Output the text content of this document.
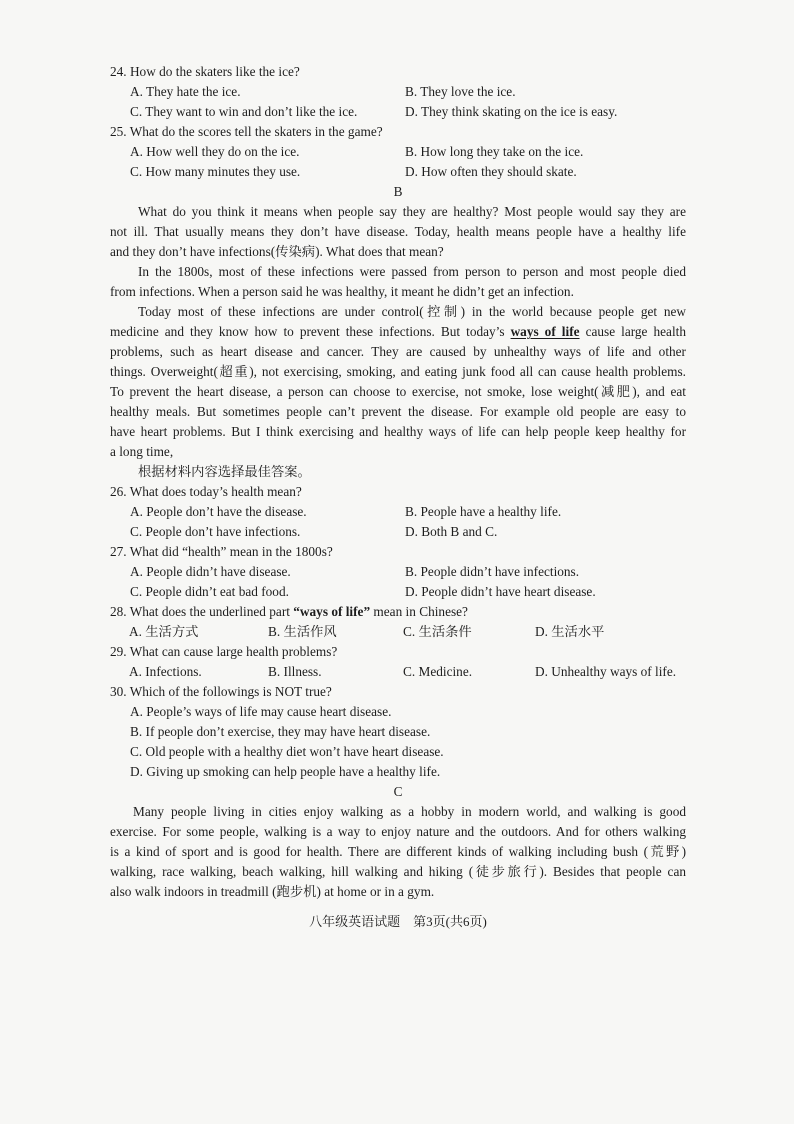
24. How do the skaters like the ice?
A. They hate the ice.	B. They love the ice.
C. They want to win and don’t like the ice.	D. They think skating on the ice is easy.
25. What do the scores tell the skaters in the game?
A. How well they do on the ice.	B. How long they take on the ice.
C. How many minutes they use.	D. How often they should skate.
B
What do you think it means when people say they are healthy? Most people would say they are
not ill. That usually means they don’t have disease. Today, health means people have a healthy life
and they don’t have infections(传染病). What does that mean?
In the 1800s, most of these infections were passed from person to person and most people died
from infections. When a person said he was healthy, it meant he didn’t get an infection.
Today most of these infections are under control(控制) in the world because people get new
medicine and they know how to prevent these infections. But today’s ways of life cause large health
problems, such as heart disease and cancer. They are caused by unhealthy ways of life and other
things. Overweight(超重), not exercising, smoking, and eating junk food all can cause health problems.
To prevent the heart disease, a person can choose to exercise, not smoke, lose weight(减肥), and eat
healthy meals. But sometimes people can’t prevent the disease. For example old people are easy to
have heart problems. But I think exercising and healthy ways of life can help people keep healthy for
a long time,
根据材料内容选择最佳答案。
26. What does today’s health mean?
A. People don’t have the disease.	B. People have a healthy life.
C. People don’t have infections.	D. Both B and C.
27. What did “health” mean in the 1800s?
A. People didn’t have disease.	B. People didn’t have infections.
C. People didn’t eat bad food.	D. People didn’t have heart disease.
28. What does the underlined part “ways of life” mean in Chinese?
A. 生活方式	B. 生活作风	C. 生活条件	D. 生活水平
29. What can cause large health problems?
A. Infections.	B. Illness.	C. Medicine.	D. Unhealthy ways of life.
30. Which of the followings is NOT true?
A. People’s ways of life may cause heart disease.
B. If people don’t exercise, they may have heart disease.
C. Old people with a healthy diet won’t have heart disease.
D. Giving up smoking can help people have a healthy life.
C
Many people living in cities enjoy walking as a hobby in modern world, and walking is good
exercise. For some people, walking is a way to enjoy nature and the outdoors. And for others walking
is a kind of sport and is good for health. There are different kinds of walking including bush (荒野)
walking, race walking, beach walking, hill walking and hiking (徒步旅行). Besides that people can
also walk indoors in treadmill (跑步机) at home or in a gym.
八年级英语试题　第3页(共6页)
